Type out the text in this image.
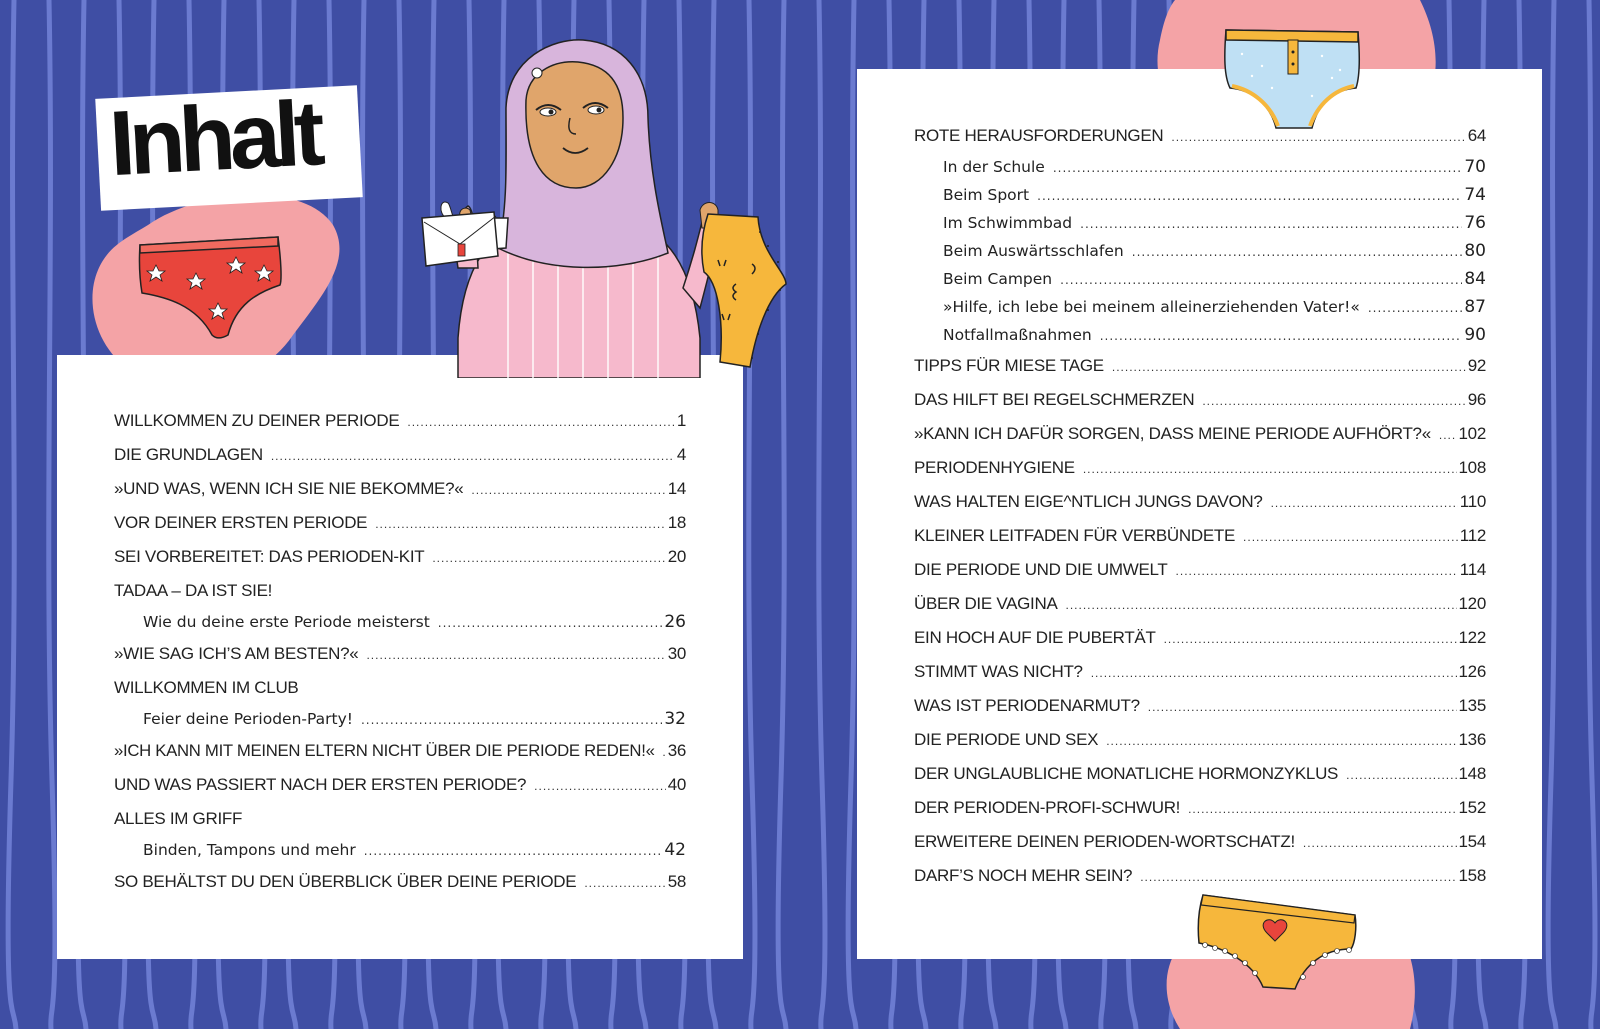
Inhalt
WILLKOMMEN ZU DEINER PERIODE .....	1
DIE GRUNDLAGEN .....	4
»UND WAS, WENN ICH SIE NIE BEKOMME?« .....	14
VOR DEINER ERSTEN PERIODE .....	18
SEI VORBEREITET: DAS PERIODEN-KIT .....	20
TADAA – DA IST SIE!
Wie du deine erste Periode meisterst .....	26
»WIE SAG ICH’S AM BESTEN?« .....	30
WILLKOMMEN IM CLUB
Feier deine Perioden-Party! .....	32
»ICH KANN MIT MEINEN ELTERN NICHT ÜBER DIE PERIODE REDEN!« ..... 36
UND WAS PASSIERT NACH DER ERSTEN PERIODE? .....	40
ALLES IM GRIFF
Binden, Tampons und mehr .....	42
SO BEHÄLTST DU DEN ÜBERBLICK ÜBER DEINE PERIODE .....	58
ROTE HERAUSFORDERUNGEN .....	64
In der Schule .....	70
Beim Sport .....	74
Im Schwimmbad .....	76
Beim Auswärtsschlafen .....	80
Beim Campen .....	84
»Hilfe, ich lebe bei meinem alleinerziehenden Vater!« .....	87
Notfallmaßnahmen .....	90
TIPPS FÜR MIESE TAGE .....	92
DAS HILFT BEI REGELSCHMERZEN .....	96
»KANN ICH DAFÜR SORGEN, DASS MEINE PERIODE AUFHÖRT?« ..... 102
PERIODENHYGIENE .....	108
WAS HALTEN EIGE^NTLICH JUNGS DAVON? .....	110
KLEINER LEITFADEN FÜR VERBÜNDETE .....	112
DIE PERIODE UND DIE UMWELT .....	114
ÜBER DIE VAGINA .....	120
EIN HOCH AUF DIE PUBERTÄT .....	122
STIMMT WAS NICHT? .....	126
WAS IST PERIODENARMUT? .....	135
DIE PERIODE UND SEX .....	136
DER UNGLAUBLICHE MONATLICHE HORMONZYKLUS .....	148
DER PERIODEN-PROFI-SCHWUR! .....	152
ERWEITERE DEINEN PERIODEN-WORTSCHATZ! .....	154
DARF’S NOCH MEHR SEIN? .....	158
